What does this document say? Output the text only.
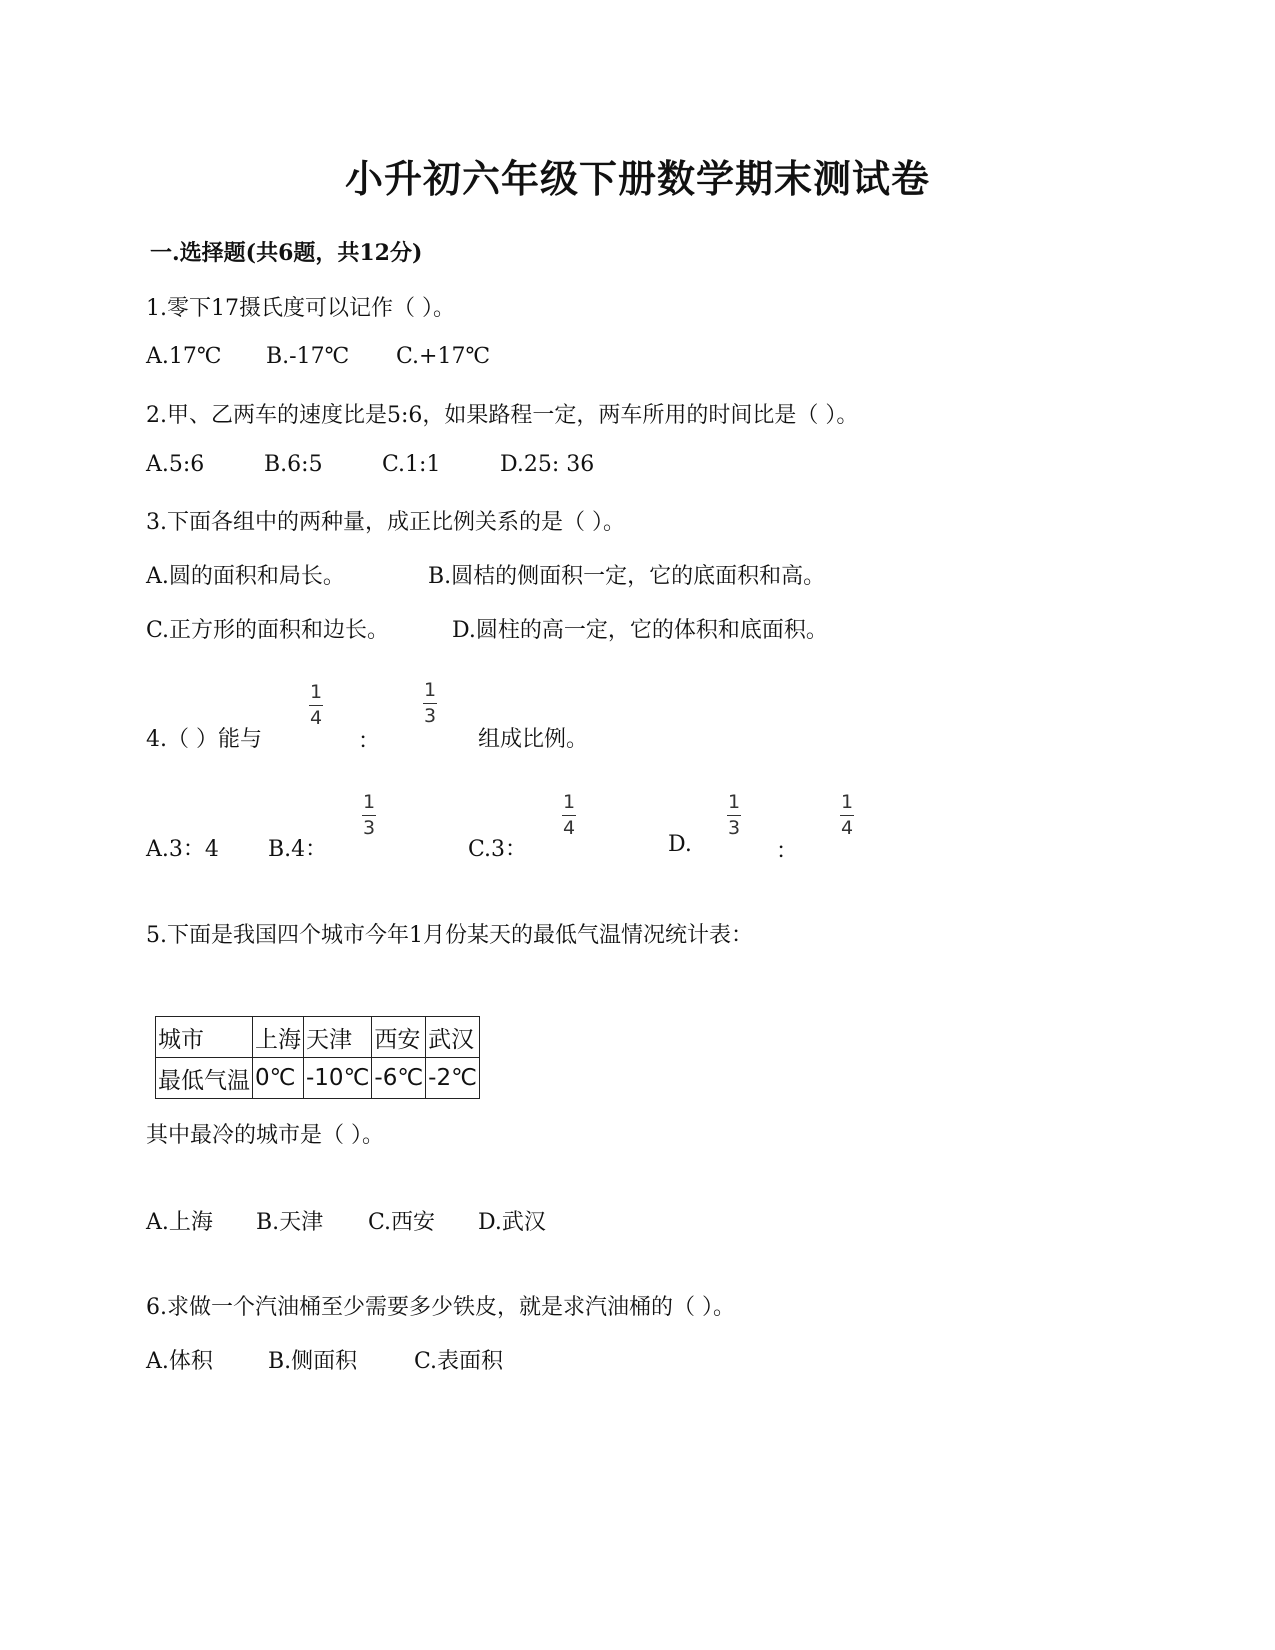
小升初六年级下册数学期末测试卷
一.选择题(共6题，共12分)
1.零下17摄氏度可以记作（ ）。
A.17℃ B.-17℃ C.+17℃
2.甲、乙两车的速度比是5:6，如果路程一定，两车所用的时间比是（ ）。
A.5:6	B.6:5	C.1:1	D.25: 36
3.下面各组中的两种量，成正比例关系的是（ ）。
A.圆的面积和局长。	B.圆桔的侧面积一定，它的底面积和高。
C.正方形的面积和边长。	D.圆柱的高一定，它的体积和底面积。
4.（ ）能与
1
4
：
1
3
组成比例。
A.3：4 B.4：
1
3
C.3：
1
4
D.
1
3
：
1
4
5.下面是我国四个城市今年1月份某天的最低气温情况统计表：
城市	上海	天津	西安	武汉
最低气温	0℃	-10℃	-6℃	-2℃
其中最冷的城市是（ ）。
A.上海 B.天津 C.西安 D.武汉
6.求做一个汽油桶至少需要多少铁皮，就是求汽油桶的（ ）。
A.体积	B.侧面积	C.表面积
